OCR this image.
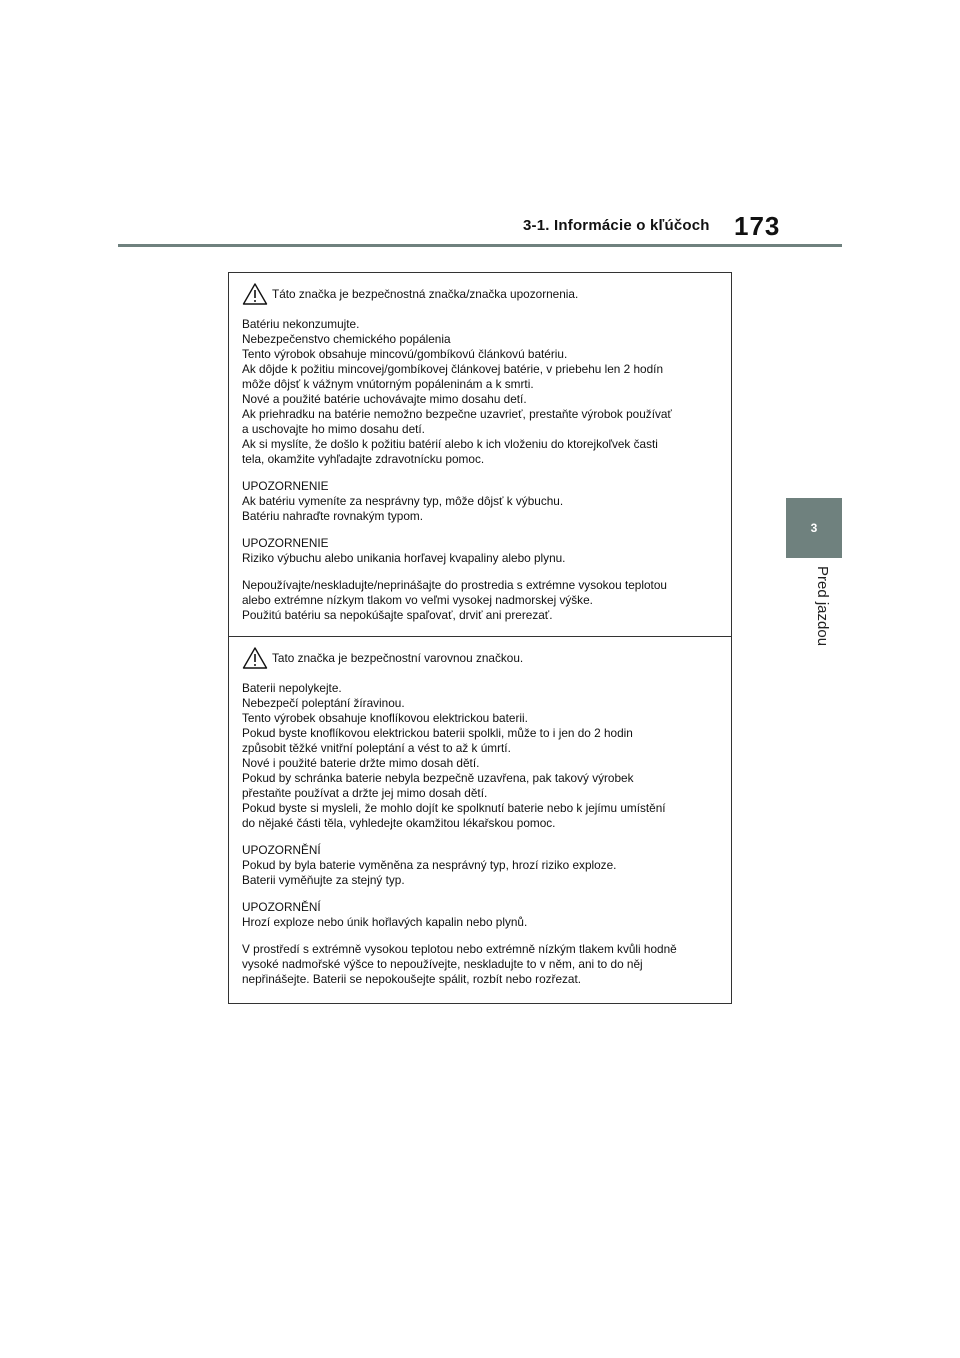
3-1. Informácie o kľúčoch 173
3
Pred jazdou
Táto značka je bezpečnostná značka/značka upozornenia.

Batériu nekonzumujte.

Nebezpečenstvo chemického popálenia

Tento výrobok obsahuje mincovú/gombíkovú článkovú batériu.

Ak dôjde k požitiu mincovej/gombíkovej článkovej batérie, v priebehu len 2 hodín

môže dôjsť k vážnym vnútorným popáleninám a k smrti.

Nové a použité batérie uchovávajte mimo dosahu detí.

Ak priehradku na batérie nemožno bezpečne uzavrieť, prestaňte výrobok používať

a uschovajte ho mimo dosahu detí.

Ak si myslíte, že došlo k požitiu batérií alebo k ich vloženiu do ktorejkoľvek časti

tela, okamžite vyhľadajte zdravotnícku pomoc.

UPOZORNENIE

Ak batériu vymeníte za nesprávny typ, môže dôjsť k výbuchu.

Batériu nahraďte rovnakým typom.

UPOZORNENIE

Riziko výbuchu alebo unikania horľavej kvapaliny alebo plynu.

Nepoužívajte/neskladujte/neprinášajte do prostredia s extrémne vysokou teplotou

alebo extrémne nízkym tlakom vo veľmi vysokej nadmorskej výške.

Použitú batériu sa nepokúšajte spaľovať, drviť ani prerezať.

Tato značka je bezpečnostní varovnou značkou.

Baterii nepolykejte.

Nebezpečí poleptání žíravinou.

Tento výrobek obsahuje knoflíkovou elektrickou baterii.

Pokud byste knoflíkovou elektrickou baterii spolkli, může to i jen do 2 hodin

způsobit těžké vnitřní poleptání a vést to až k úmrtí.

Nové i použité baterie držte mimo dosah dětí.

Pokud by schránka baterie nebyla bezpečně uzavřena, pak takový výrobek

přestaňte používat a držte jej mimo dosah dětí.

Pokud byste si mysleli, že mohlo dojít ke spolknutí baterie nebo k jejímu umístění

do nějaké části těla, vyhledejte okamžitou lékařskou pomoc.

UPOZORNĚNÍ

Pokud by byla baterie vyměněna za nesprávný typ, hrozí riziko exploze.

Baterii vyměňujte za stejný typ.

UPOZORNĚNÍ

Hrozí exploze nebo únik hořlavých kapalin nebo plynů.

V prostředí s extrémně vysokou teplotou nebo extrémně nízkým tlakem kvůli hodně

vysoké nadmořské výšce to nepoužívejte, neskladujte to v něm, ani to do něj

nepřinášejte. Baterii se nepokoušejte spálit, rozbít nebo rozřezat.
